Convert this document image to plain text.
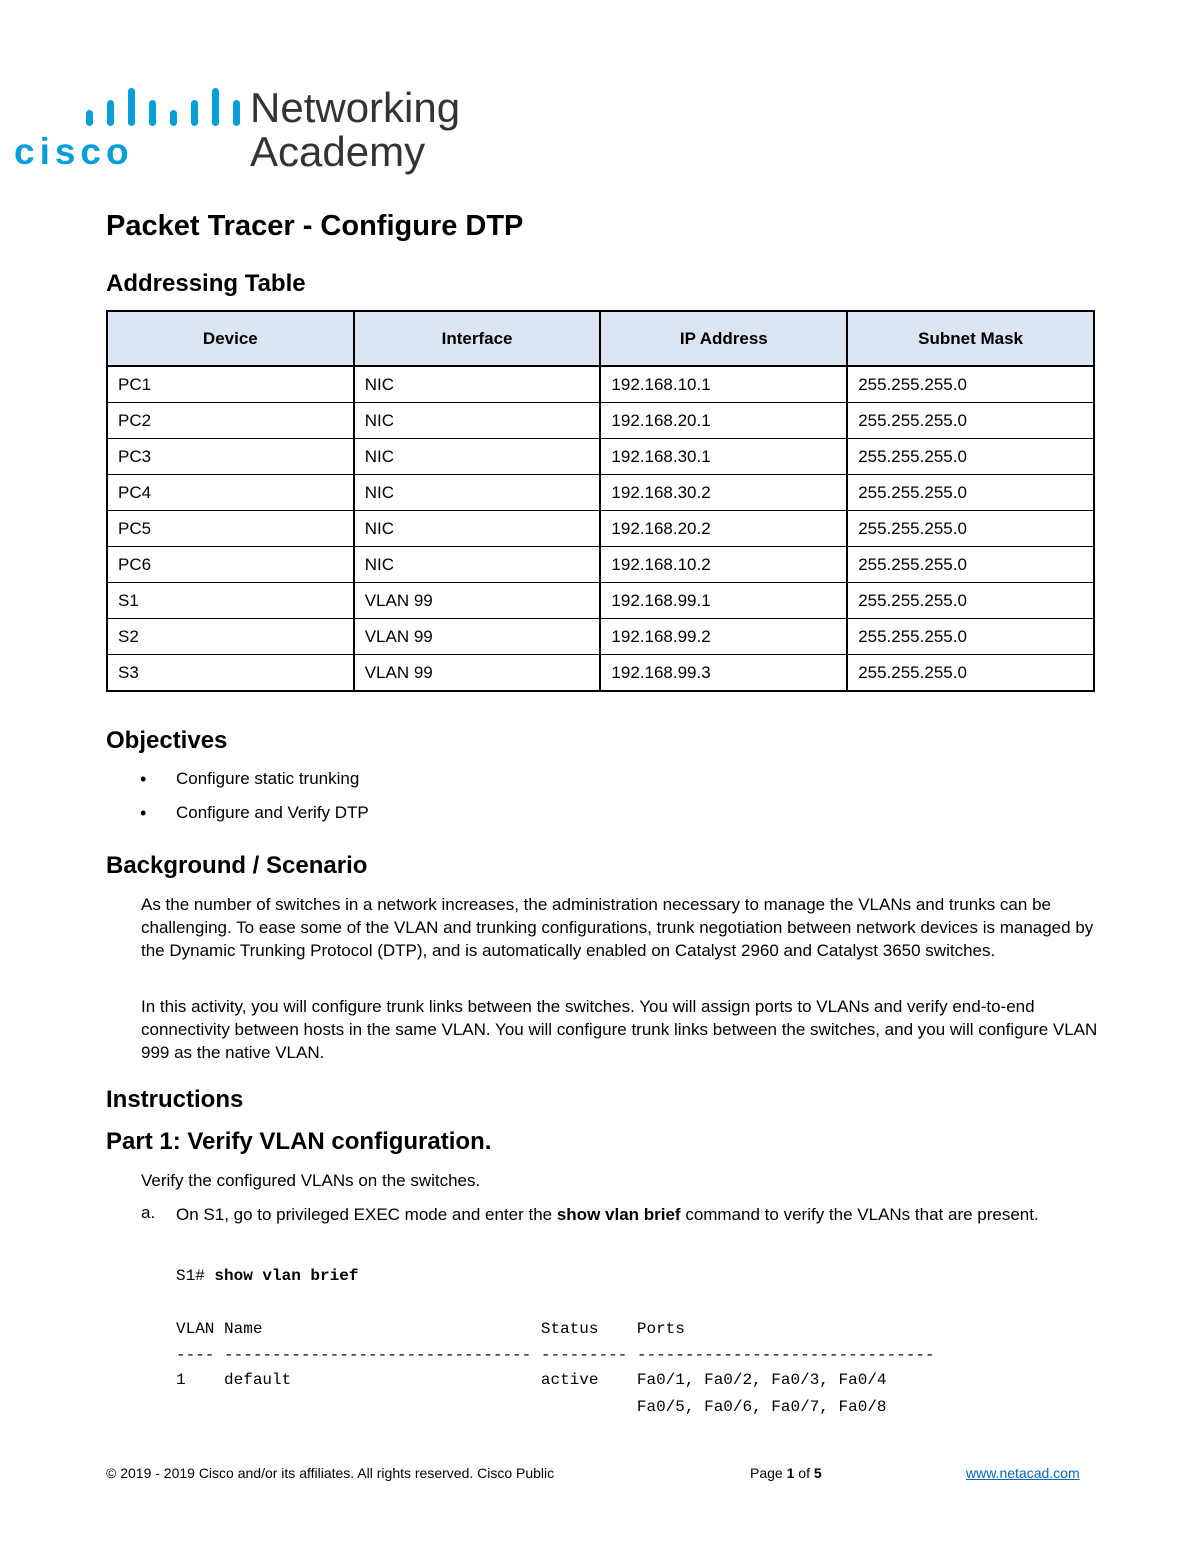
cisco
Networking
Academy
Packet Tracer - Configure DTP
Addressing Table
Device	Interface	IP Address	Subnet Mask
PC1	NIC	192.168.10.1	255.255.255.0
PC2	NIC	192.168.20.1	255.255.255.0
PC3	NIC	192.168.30.1	255.255.255.0
PC4	NIC	192.168.30.2	255.255.255.0
PC5	NIC	192.168.20.2	255.255.255.0
PC6	NIC	192.168.10.2	255.255.255.0
S1	VLAN 99	192.168.99.1	255.255.255.0
S2	VLAN 99	192.168.99.2	255.255.255.0
S3	VLAN 99	192.168.99.3	255.255.255.0
Objectives
• Configure static trunking
• Configure and Verify DTP
Background / Scenario

As the number of switches in a network increases, the administration necessary to manage the VLANs and trunks can be challenging. To ease some of the VLAN and trunking configurations, trunk negotiation between network devices is managed by the Dynamic Trunking Protocol (DTP), and is automatically enabled on Catalyst 2960 and Catalyst 3650 switches.

In this activity, you will configure trunk links between the switches. You will assign ports to VLANs and verify end-to-end connectivity between hosts in the same VLAN. You will configure trunk links between the switches, and you will configure VLAN 999 as the native VLAN.

Instructions
Part 1: Verify VLAN configuration.

Verify the configured VLANs on the switches.

a. On S1, go to privileged EXEC mode and enter the show vlan brief command to verify the VLANs that are present.

S1# show vlan brief
VLAN Name                             Status    Ports
---- -------------------------------- --------- -------------------------------
1    default                          active    Fa0/1, Fa0/2, Fa0/3, Fa0/4
Fa0/5, Fa0/6, Fa0/7, Fa0/8
© 2019 - 2019 Cisco and/or its affiliates. All rights reserved. Cisco Public	Page 1 of 5	www.netacad.com
